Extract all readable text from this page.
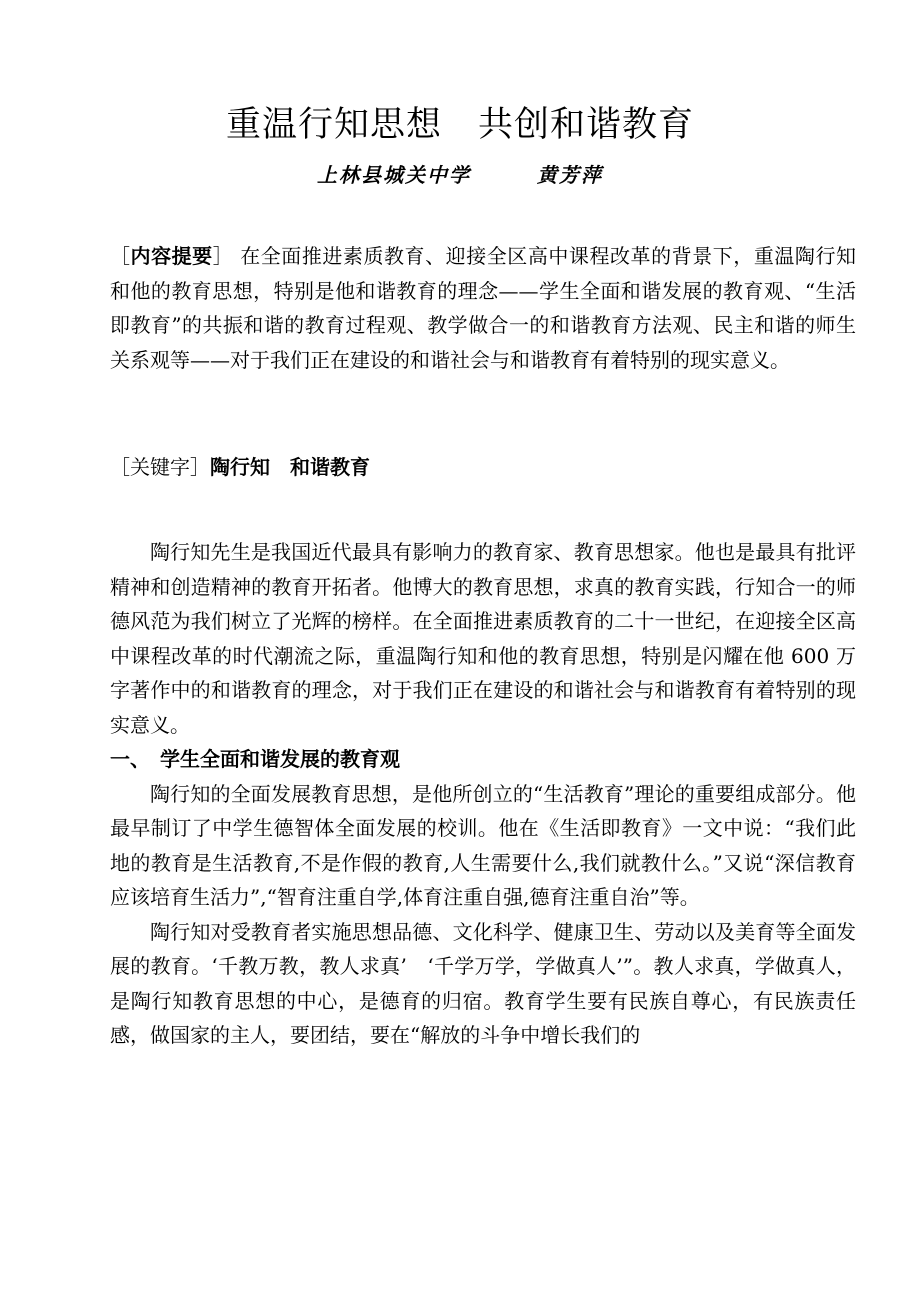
重温行知思想　共创和谐教育
上林县城关中学　　　黄芳萍

［内容提要］ 在全面推进素质教育、迎接全区高中课程改革的背景下，重温陶行知和他的教育思想，特别是他和谐教育的理念——学生全面和谐发展的教育观、“生活即教育”的共振和谐的教育过程观、教学做合一的和谐教育方法观、民主和谐的师生关系观等——对于我们正在建设的和谐社会与和谐教育有着特别的现实意义。

［关键字］陶行知　和谐教育

陶行知先生是我国近代最具有影响力的教育家、教育思想家。他也是最具有批评精神和创造精神的教育开拓者。他博大的教育思想，求真的教育实践，行知合一的师德风范为我们树立了光辉的榜样。在全面推进素质教育的二十一世纪，在迎接全区高中课程改革的时代潮流之际，重温陶行知和他的教育思想，特别是闪耀在他 600 万字著作中的和谐教育的理念，对于我们正在建设的和谐社会与和谐教育有着特别的现实意义。

一、　学生全面和谐发展的教育观

陶行知的全面发展教育思想，是他所创立的“生活教育”理论的重要组成部分。他最早制订了中学生德智体全面发展的校训。他在《生活即教育》一文中说：“我们此地的教育是生活教育,不是作假的教育,人生需要什么,我们就教什么。”又说“深信教育应该培育生活力”,“智育注重自学,体育注重自强,德育注重自治”等。

陶行知对受教育者实施思想品德、文化科学、健康卫生、劳动以及美育等全面发展的教育。‘千教万教，教人求真’　‘千学万学，学做真人’”。教人求真，学做真人，是陶行知教育思想的中心，是德育的归宿。教育学生要有民族自尊心，有民族责任感，做国家的主人，要团结，要在“解放的斗争中增长我们的
